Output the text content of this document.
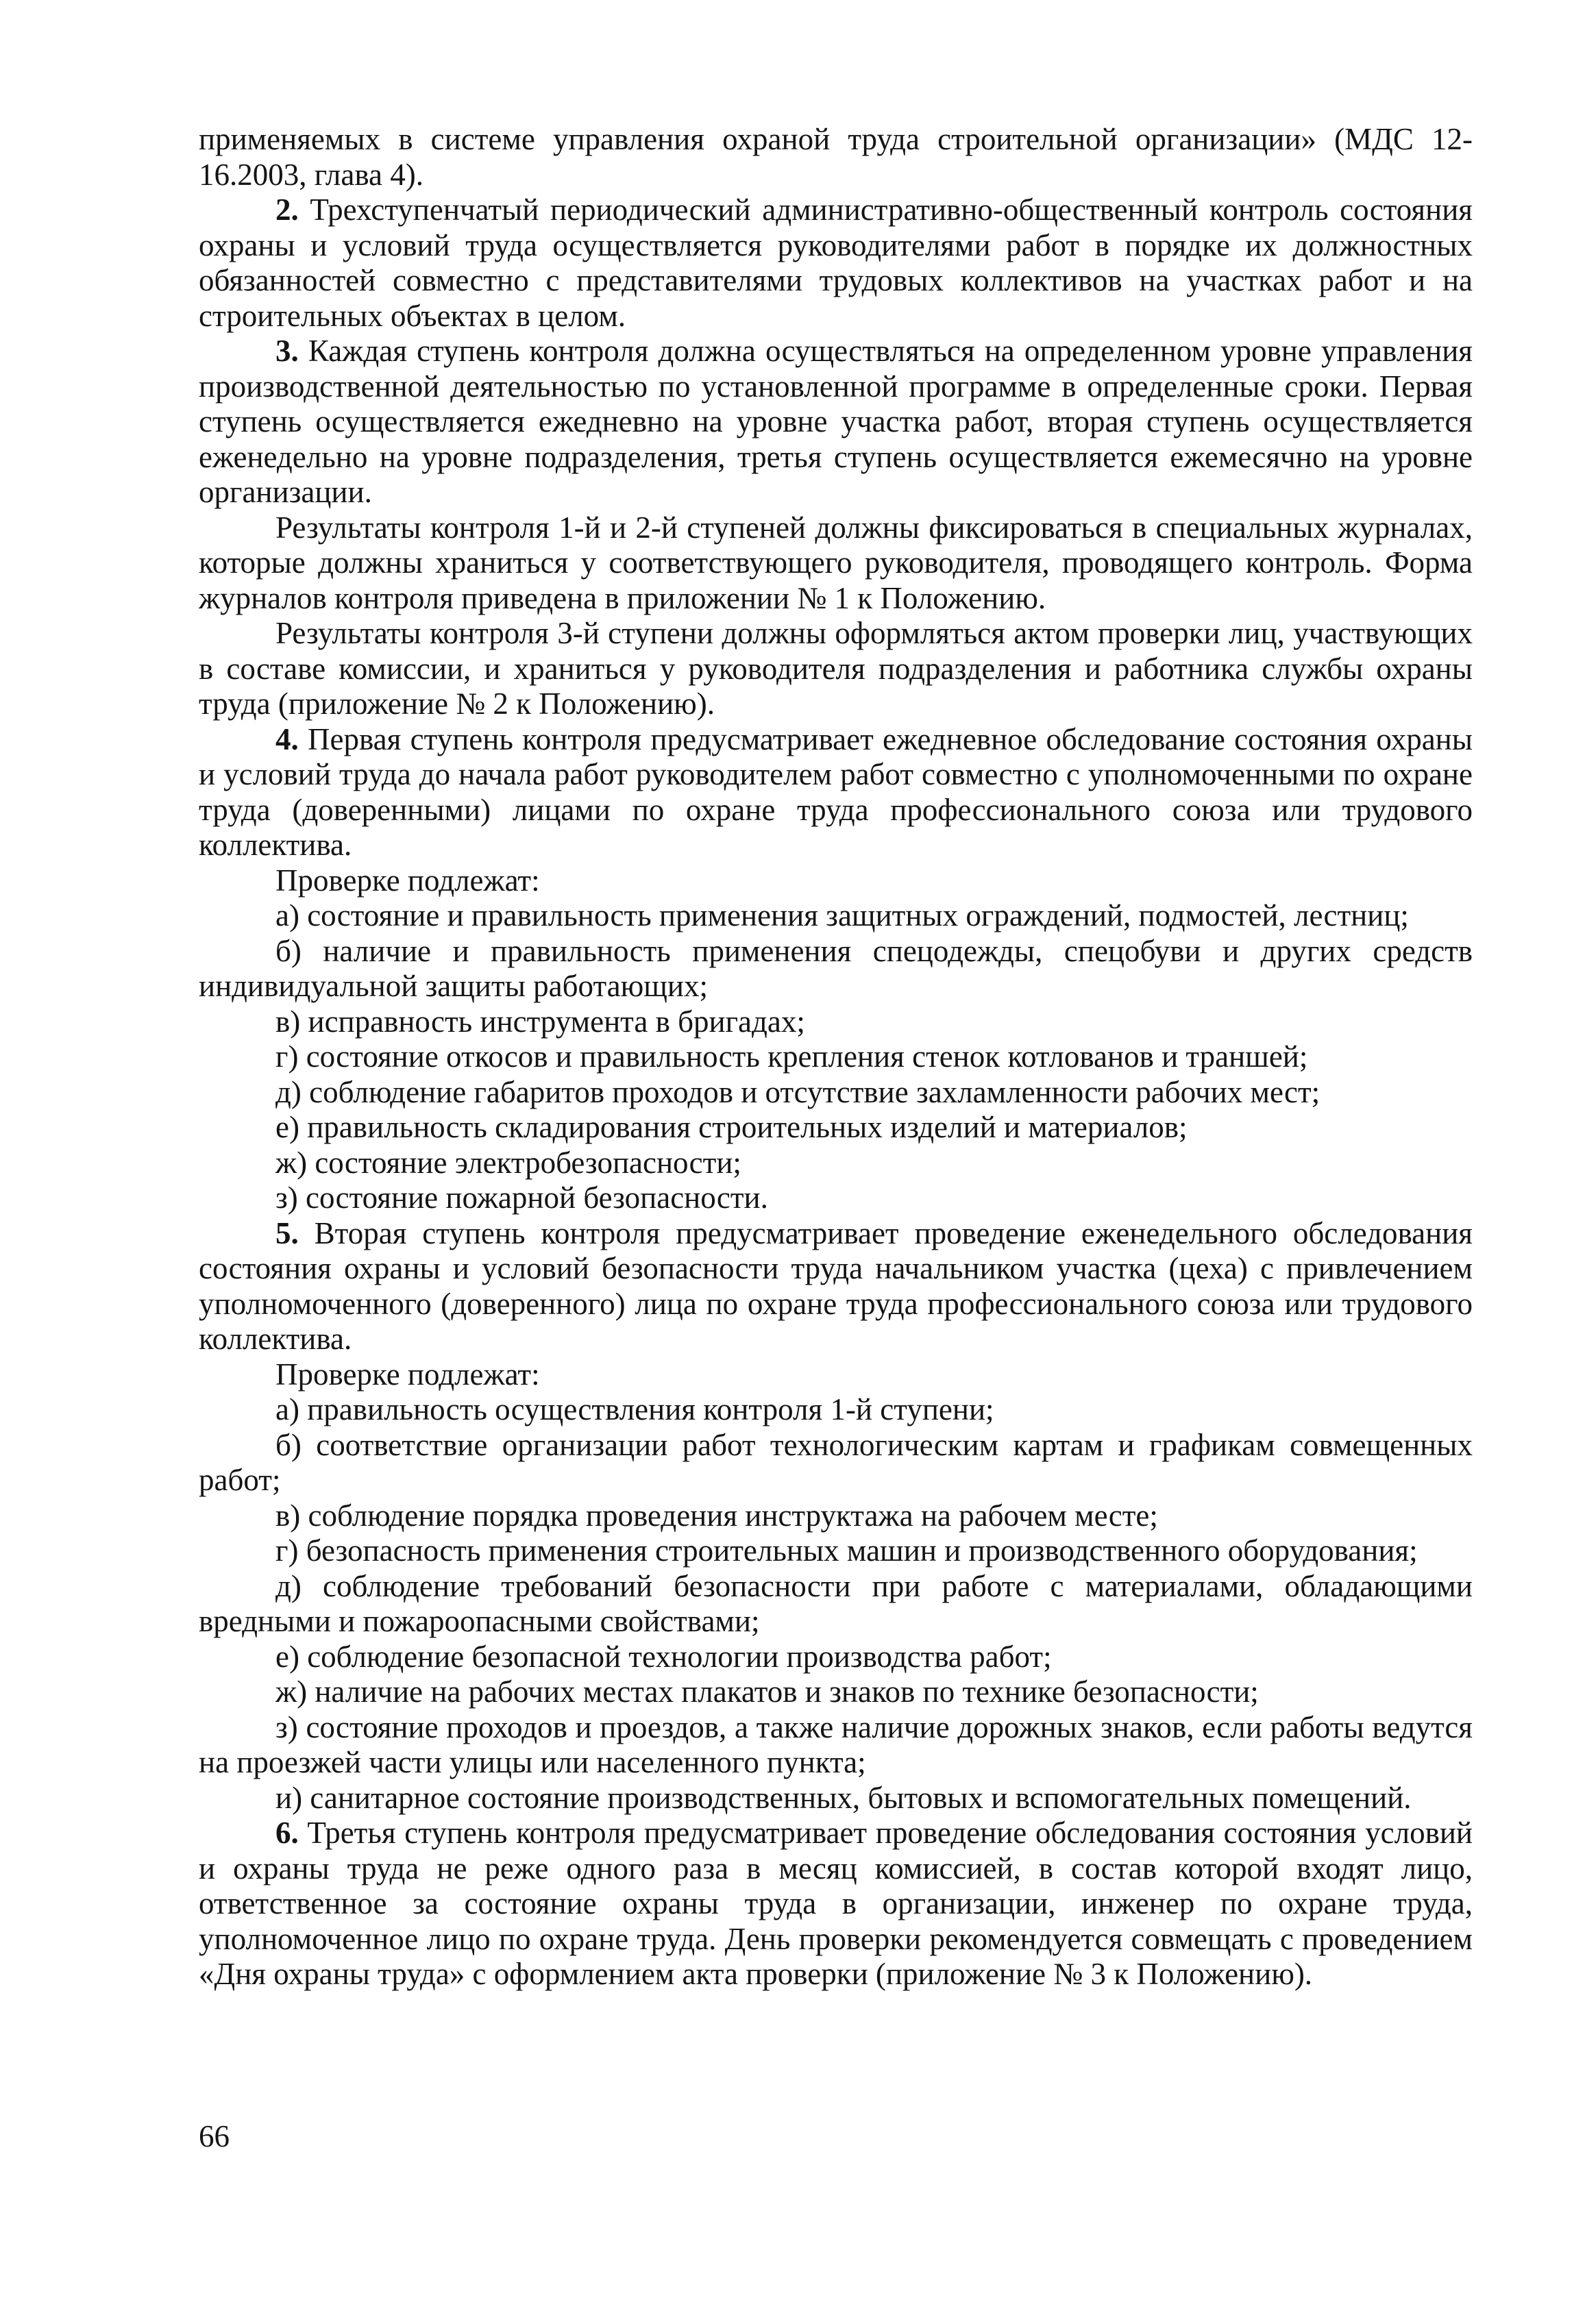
применяемых в системе управления охраной труда строительной организации» (МДС 12-16.2003, глава 4).

2. Трехступенчатый периодический административно-общественный контроль состояния охраны и условий труда осуществляется руководителями работ в порядке их должностных обязанностей совместно с представителями трудовых коллективов на участках работ и на строительных объектах в целом.

3. Каждая ступень контроля должна осуществляться на определенном уровне управления производственной деятельностью по установленной программе в определенные сроки. Первая ступень осуществляется ежедневно на уровне участка работ, вторая ступень осуществляется еженедельно на уровне подразделения, третья ступень осуществляется ежемесячно на уровне организации.

Результаты контроля 1-й и 2-й ступеней должны фиксироваться в специальных журналах, которые должны храниться у соответствующего руководителя, проводящего контроль. Форма журналов контроля приведена в приложении № 1 к Положению.

Результаты контроля 3-й ступени должны оформляться актом проверки лиц, участвующих в составе комиссии, и храниться у руководителя подразделения и работника службы охраны труда (приложение № 2 к Положению).

4. Первая ступень контроля предусматривает ежедневное обследование состояния охраны и условий труда до начала работ руководителем работ совместно с уполномоченными по охране труда (доверенными) лицами по охране труда профессионального союза или трудового коллектива.

Проверке подлежат:

а) состояние и правильность применения защитных ограждений, подмостей, лестниц;

б) наличие и правильность применения спецодежды, спецобуви и других средств индивидуальной защиты работающих;

в) исправность инструмента в бригадах;

г) состояние откосов и правильность крепления стенок котлованов и траншей;

д) соблюдение габаритов проходов и отсутствие захламленности рабочих мест;

е) правильность складирования строительных изделий и материалов;

ж) состояние электробезопасности;

з) состояние пожарной безопасности.

5. Вторая ступень контроля предусматривает проведение еженедельного обследования состояния охраны и условий безопасности труда начальником участка (цеха) с привлечением уполномоченного (доверенного) лица по охране труда профессионального союза или трудового коллектива.

Проверке подлежат:

а) правильность осуществления контроля 1-й ступени;

б) соответствие организации работ технологическим картам и графикам совмещенных работ;

в) соблюдение порядка проведения инструктажа на рабочем месте;

г) безопасность применения строительных машин и производственного оборудования;

д) соблюдение требований безопасности при работе с материалами, обладающими вредными и пожароопасными свойствами;

е) соблюдение безопасной технологии производства работ;

ж) наличие на рабочих местах плакатов и знаков по технике безопасности;

з) состояние проходов и проездов, а также наличие дорожных знаков, если работы ведутся на проезжей части улицы или населенного пункта;

и) санитарное состояние производственных, бытовых и вспомогательных помещений.

6. Третья ступень контроля предусматривает проведение обследования состояния условий и охраны труда не реже одного раза в месяц комиссией, в состав которой входят лицо, ответственное за состояние охраны труда в организации, инженер по охране труда, уполномоченное лицо по охране труда. День проверки рекомендуется совмещать с проведением «Дня охраны труда» с оформлением акта проверки (приложение № 3 к Положению).

66
